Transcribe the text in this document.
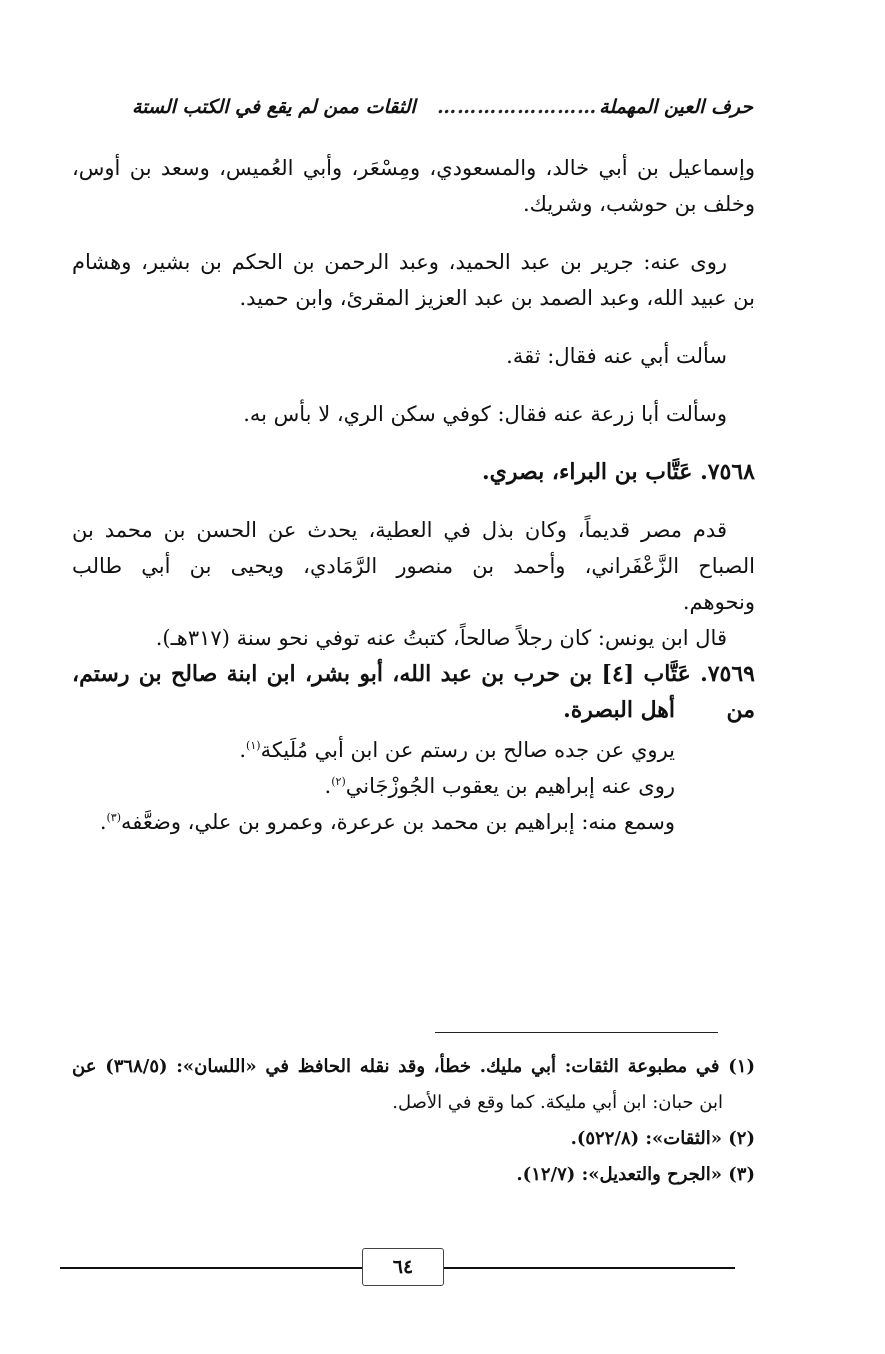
حرف العين المهملة
……………………
الثقات ممن لم يقع في الكتب الستة
وإسماعيل بن أبي خالد، والمسعودي، ومِسْعَر، وأبي العُميس، وسعد بن أوس،
وخلف بن حوشب، وشريك.
روى عنه: جرير بن عبد الحميد، وعبد الرحمن بن الحكم بن بشير، وهشام
بن عبيد الله، وعبد الصمد بن عبد العزيز المقرئ، وابن حميد.
سألت أبي عنه فقال: ثقة.
وسألت أبا زرعة عنه فقال: كوفي سكن الري، لا بأس به.
٧٥٦٨. عَتَّاب بن البراء، بصري.
قدم مصر قديماً، وكان بذل في العطية، يحدث عن الحسن بن محمد بن
الصباح الزَّعْفَراني، وأحمد بن منصور الرَّمَادي، ويحيى بن أبي طالب
ونحوهم.
قال ابن يونس: كان رجلاً صالحاً، كتبتُ عنه توفي نحو سنة (٣١٧هـ).
٧٥٦٩. عَتَّاب [٤] بن حرب بن عبد الله، أبو بشر، ابن ابنة صالح بن رستم، من
أهل البصرة.
يروي عن جده صالح بن رستم عن ابن أبي مُلَيكة$^{(١)}$.
روى عنه إبراهيم بن يعقوب الجُوزْجَاني$^{(٢)}$.
وسمع منه: إبراهيم بن محمد بن عرعرة، وعمرو بن علي، وضعَّفه$^{(٣)}$.
(١) في مطبوعة الثقات: أبي مليك. خطأ، وقد نقله الحافظ في «اللسان»: (٣٦٨/٥) عن
ابن حبان: ابن أبي مليكة. كما وقع في الأصل.
(٢) «الثقات»: (٥٢٢/٨).
(٣) «الجرح والتعديل»: (١٢/٧).
٦٤
